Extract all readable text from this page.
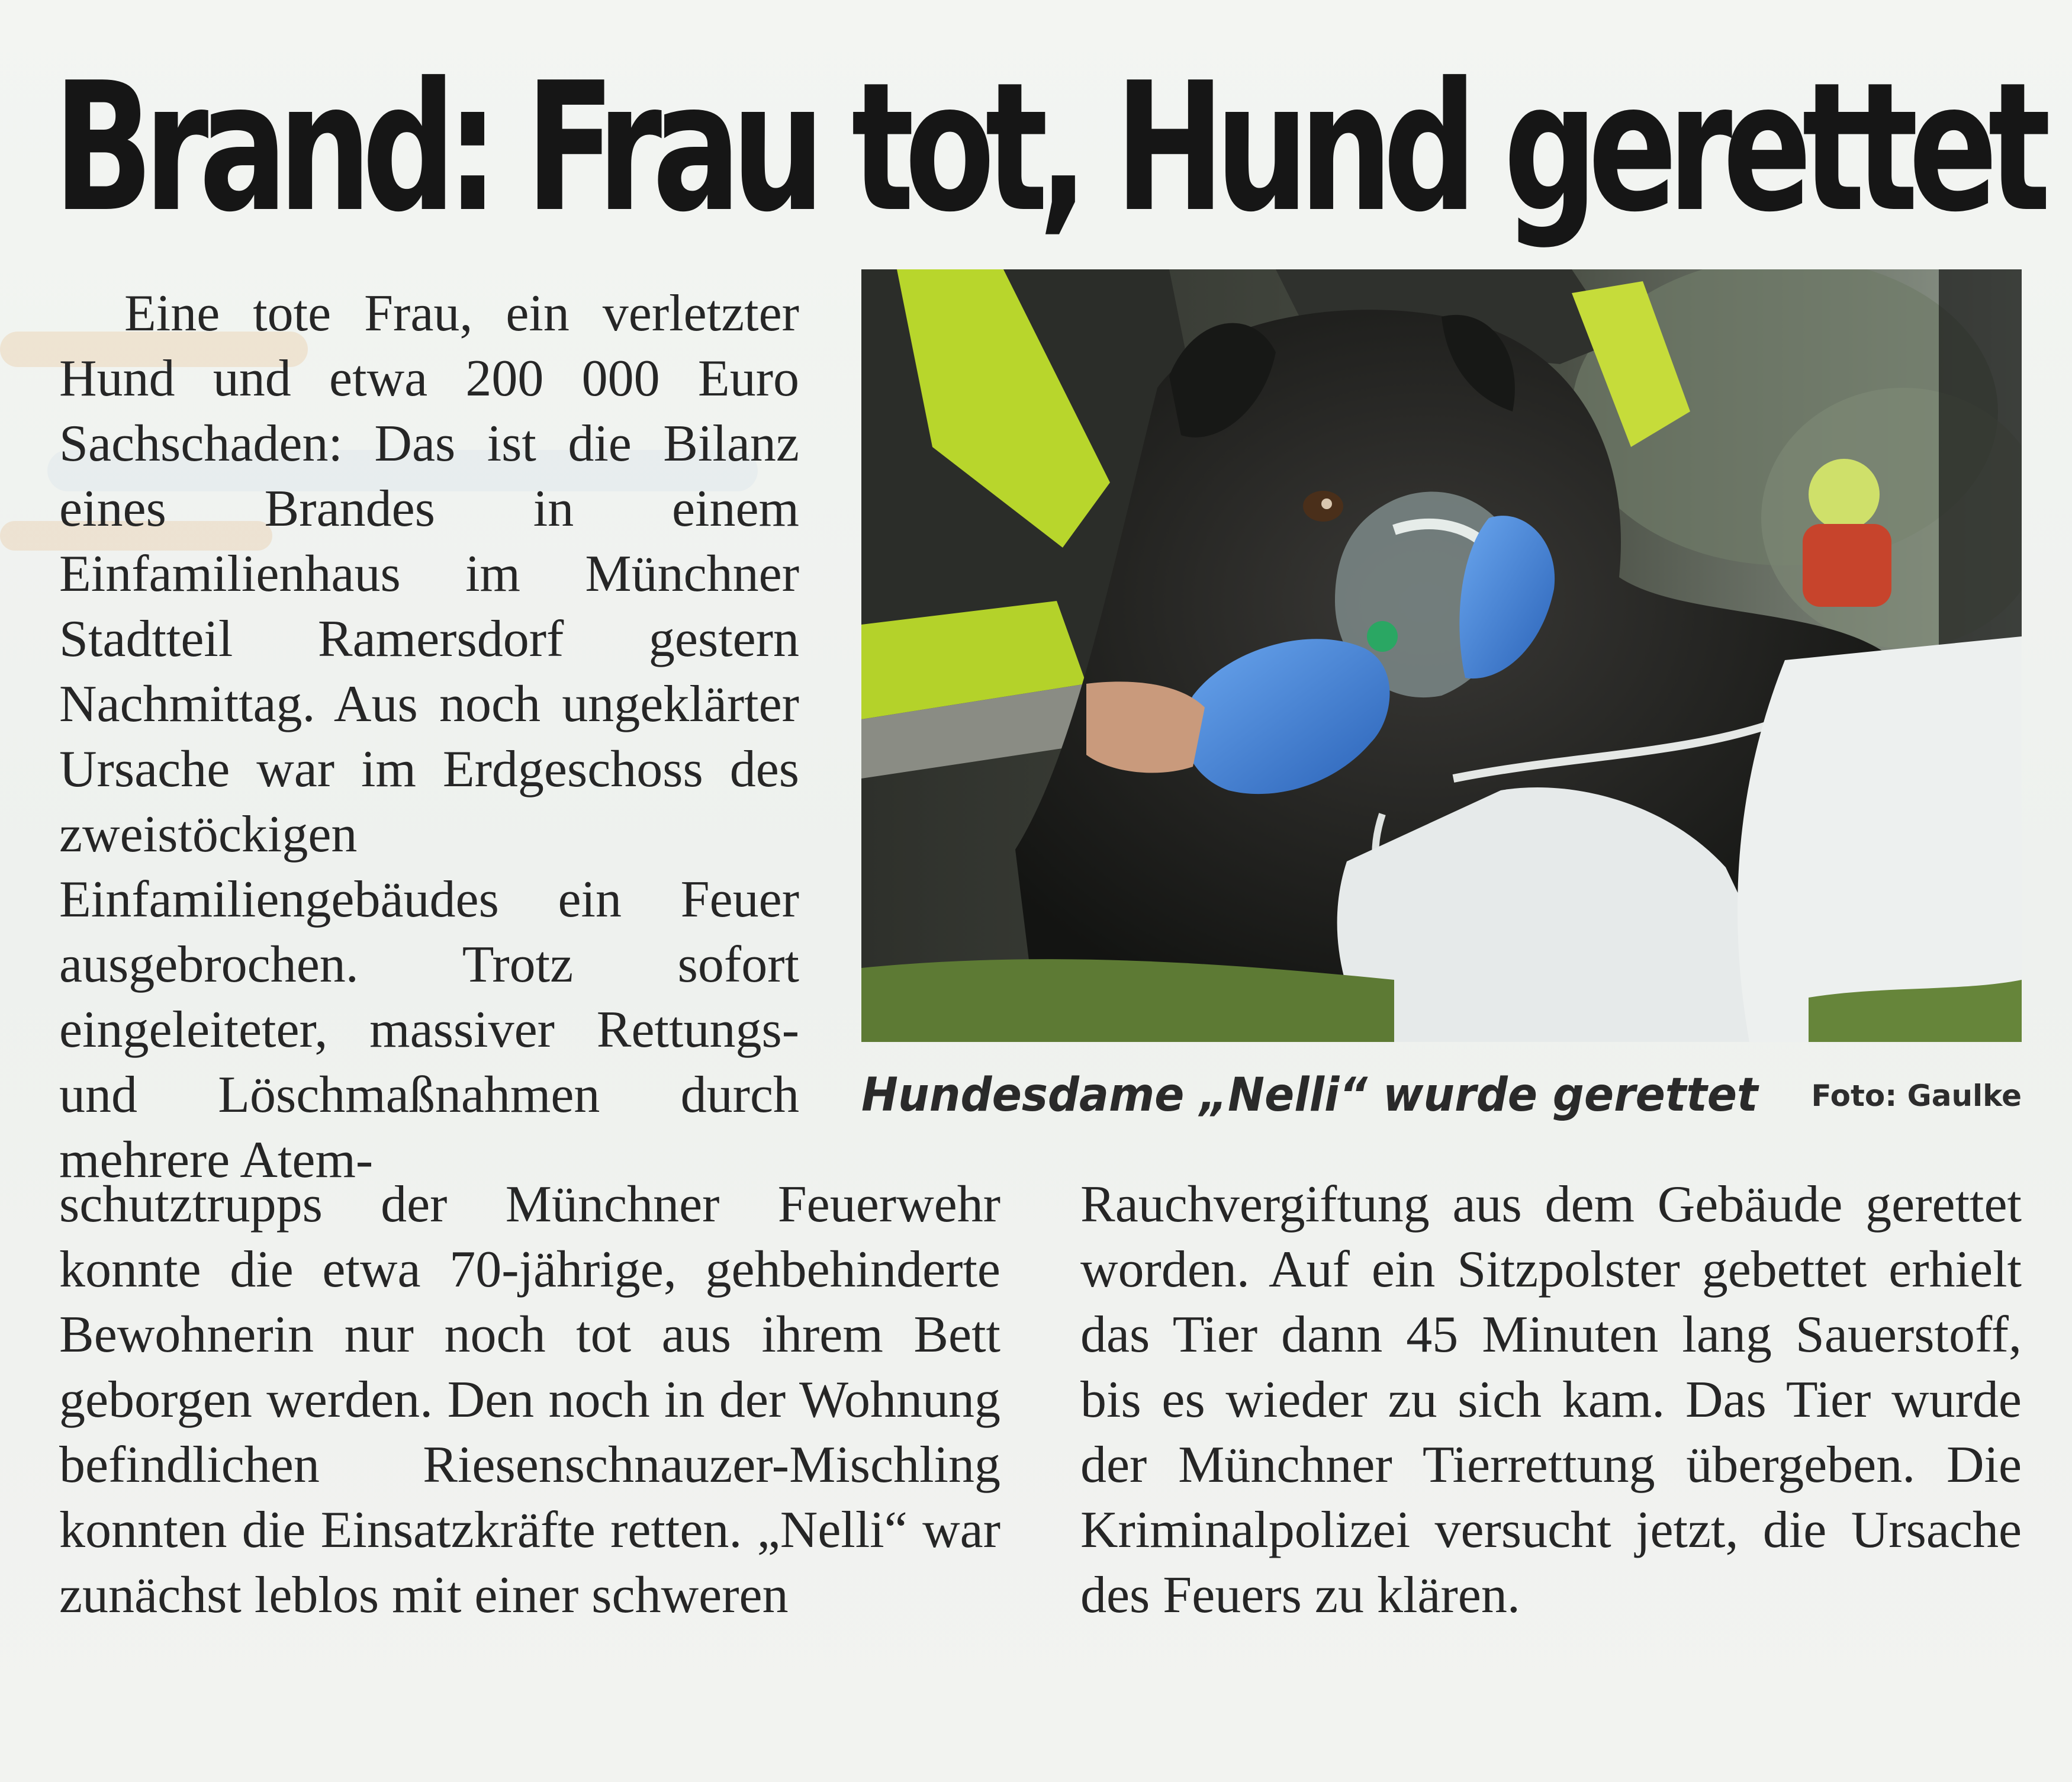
Brand: Frau tot, Hund gerettet

Eine tote Frau, ein verletzter Hund und etwa 200 000 Euro Sachschaden: Das ist die Bilanz eines Brandes in einem Einfamilienhaus im Münchner Stadtteil Ramersdorf gestern Nachmittag. Aus noch ungeklärter Ursache war im Erdgeschoss des zweistöckigen Einfamiliengebäudes ein Feuer ausgebrochen. Trotz sofort eingeleiteter, massiver Rettungs- und Löschmaßnahmen durch mehrere Atem-

Hundesdame „Nelli“ wurde gerettet Foto: Gaulke

schutztrupps der Münchner Feuerwehr konnte die etwa 70-jährige, gehbehinderte Bewohnerin nur noch tot aus ihrem Bett geborgen werden. Den noch in der Wohnung befindlichen Riesenschnauzer-Mischling konnten die Einsatzkräfte retten. „Nelli“ war zunächst leblos mit einer schweren

Rauchvergiftung aus dem Gebäude gerettet worden. Auf ein Sitzpolster gebettet erhielt das Tier dann 45 Minuten lang Sauerstoff, bis es wieder zu sich kam. Das Tier wurde der Münchner Tierrettung übergeben. Die Kriminalpolizei versucht jetzt, die Ursache des Feuers zu klären.
